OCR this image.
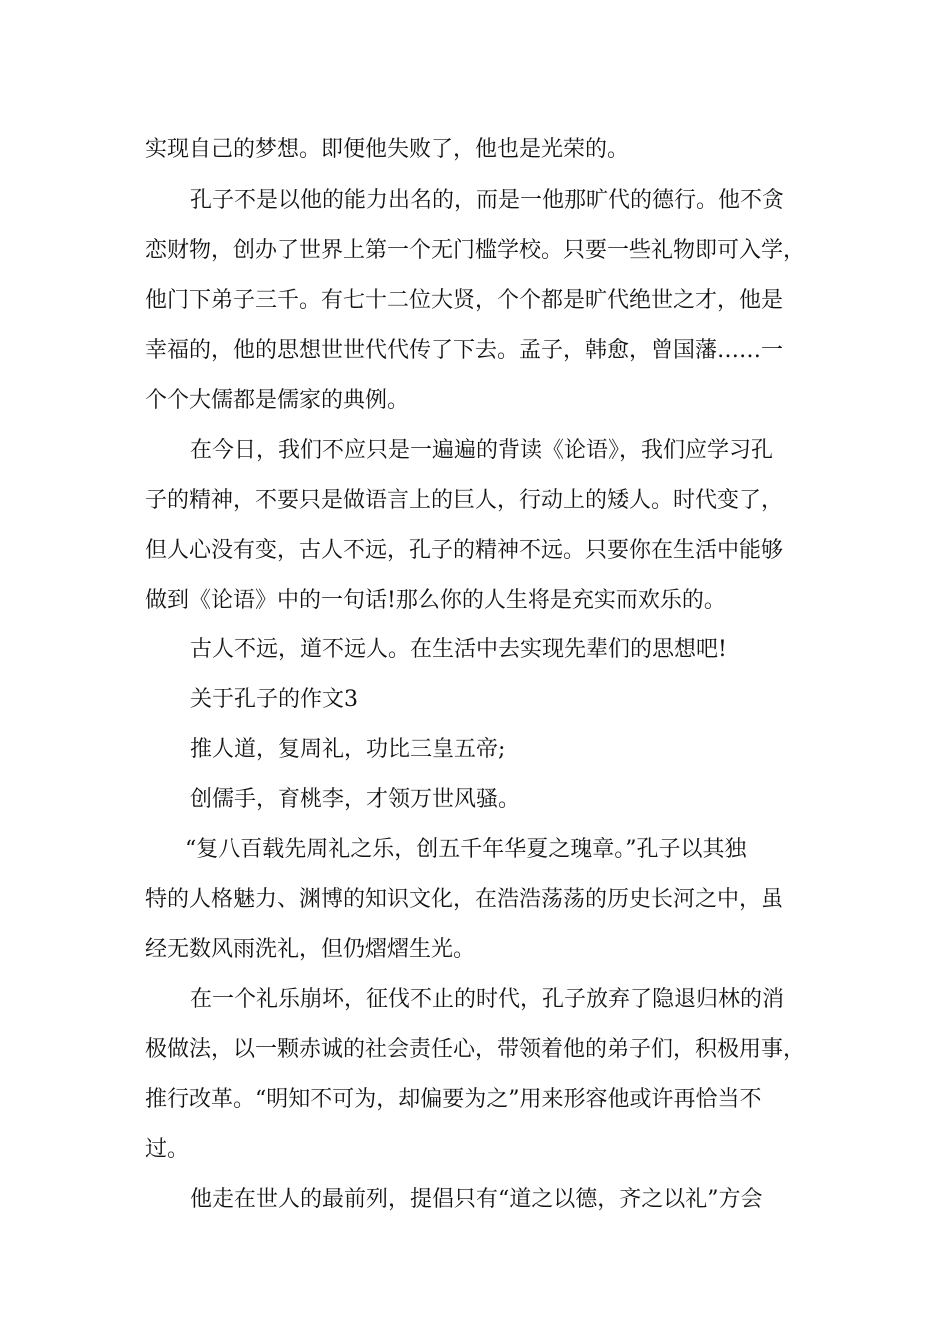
实现自己的梦想。即便他失败了，他也是光荣的。
孔子不是以他的能力出名的，而是一他那旷代的德行。他不贪
恋财物，创办了世界上第一个无门槛学校。只要一些礼物即可入学，
他门下弟子三千。有七十二位大贤，个个都是旷代绝世之才，他是
幸福的，他的思想世世代代传了下去。孟子，韩愈，曾国藩……一
个个大儒都是儒家的典例。
在今日，我们不应只是一遍遍的背读《论语》，我们应学习孔
子的精神，不要只是做语言上的巨人，行动上的矮人。时代变了，
但人心没有变，古人不远，孔子的精神不远。只要你在生活中能够
做到《论语》中的一句话!那么你的人生将是充实而欢乐的。
古人不远，道不远人。在生活中去实现先辈们的思想吧!
关于孔子的作文3
推人道，复周礼，功比三皇五帝;
创儒手，育桃李，才领万世风骚。
“复八百载先周礼之乐，创五千年华夏之瑰章。”孔子以其独
特的人格魅力、渊博的知识文化，在浩浩荡荡的历史长河之中，虽
经无数风雨洗礼，但仍熠熠生光。
在一个礼乐崩坏，征伐不止的时代，孔子放弃了隐退归林的消
极做法，以一颗赤诚的社会责任心，带领着他的弟子们，积极用事，
推行改革。“明知不可为，却偏要为之”用来形容他或许再恰当不
过。
他走在世人的最前列，提倡只有“道之以德，齐之以礼”方会
